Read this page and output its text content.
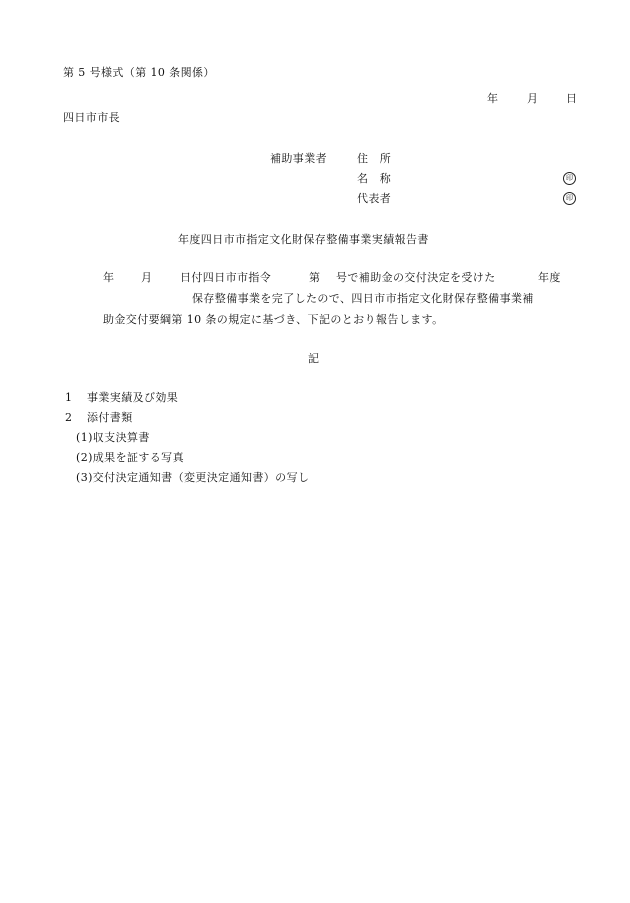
第 5 号様式（第 10 条関係）
年	月	日
四日市市長
補助事業者	住　所
名　称	印
代表者	印
年度四日市市指定文化財保存整備事業実績報告書
年 月	日付四日市市指令	第 号で補助金の交付決定を受けた	年度
保存整備事業を完了したので、四日市市指定文化財保存整備事業補
助金交付要綱第 10 条の規定に基づき、下記のとおり報告します。
記
1 事業実績及び効果
2 添付書類
(1)収支決算書
(2)成果を証する写真
(3)交付決定通知書（変更決定通知書）の写し
